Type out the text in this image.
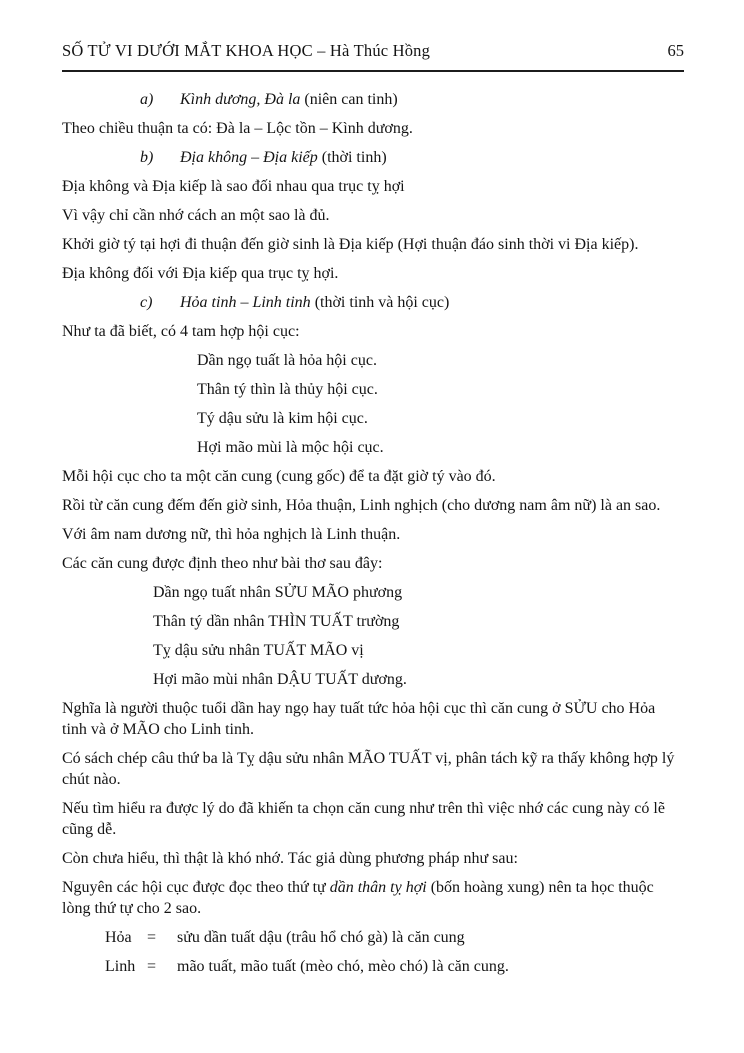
SỐ TỬ VI DƯỚI MẮT KHOA HỌC – Hà Thúc Hồng	65

a) Kình dương, Đà la (niên can tinh)

Theo chiều thuận ta có: Đà la – Lộc tồn – Kình dương.

b) Địa không – Địa kiếp (thời tinh)

Địa không và Địa kiếp là sao đối nhau qua trục tỵ hợi

Vì vậy chỉ cần nhớ cách an một sao là đủ.

Khởi giờ tý tại hợi đi thuận đến giờ sinh là Địa kiếp (Hợi thuận đáo sinh thời vi Địa kiếp).

Địa không đối với Địa kiếp qua trục tỵ hợi.

c) Hỏa tinh – Linh tinh (thời tinh và hội cục)

Như ta đã biết, có 4 tam hợp hội cục:

Dần ngọ tuất là hỏa hội cục.

Thân tý thìn là thủy hội cục.

Tý dậu sửu là kim hội cục.

Hợi mão mùi là mộc hội cục.

Mỗi hội cục cho ta một căn cung (cung gốc) để ta đặt giờ tý vào đó.

Rồi từ căn cung đếm đến giờ sinh, Hỏa thuận, Linh nghịch (cho dương nam âm nữ) là an sao.

Với âm nam dương nữ, thì hỏa nghịch là Linh thuận.

Các căn cung được định theo như bài thơ sau đây:

Dần ngọ tuất nhân SỬU MÃO phương

Thân tý dần nhân THÌN TUẤT trường

Tỵ dậu sửu nhân TUẤT MÃO vị

Hợi mão mùi nhân DẬU TUẤT dương.

Nghĩa là người thuộc tuổi dần hay ngọ hay tuất tức hỏa hội cục thì căn cung ở SỬU cho Hỏa tinh và ở MÃO cho Linh tinh.

Có sách chép câu thứ ba là Tỵ dậu sửu nhân MÃO TUẤT vị, phân tách kỹ ra thấy không hợp lý chút nào.

Nếu tìm hiểu ra được lý do đã khiến ta chọn căn cung như trên thì việc nhớ các cung này có lẽ cũng dễ.

Còn chưa hiểu, thì thật là khó nhớ. Tác giả dùng phương pháp như sau:

Nguyên các hội cục được đọc theo thứ tự dần thân tỵ hợi (bốn hoàng xung) nên ta học thuộc lòng thứ tự cho 2 sao.

Hỏa =	sửu dần tuất dậu (trâu hổ chó gà) là căn cung
Linh =	mão tuất, mão tuất (mèo chó, mèo chó) là căn cung.
